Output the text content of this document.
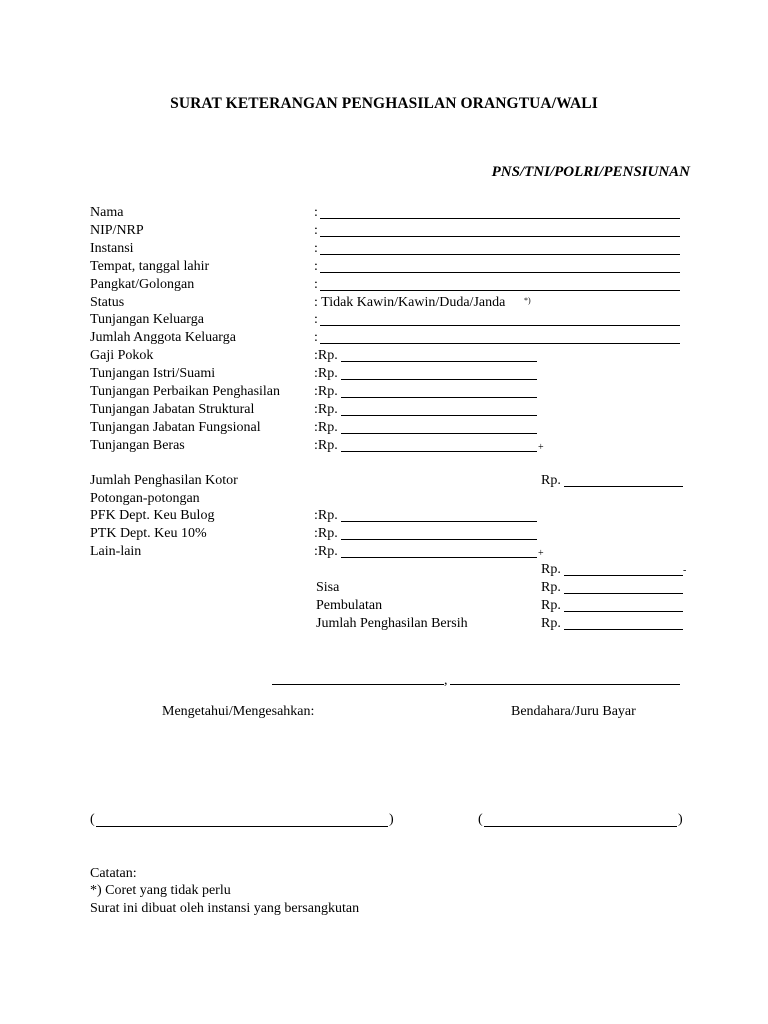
SURAT KETERANGAN PENGHASILAN ORANGTUA/WALI
PNS/TNI/POLRI/PENSIUNAN
Nama	:
NIP/NRP	:
Instansi	:
Tempat, tanggal lahir	:
Pangkat/Golongan	:
Status	: Tidak Kawin/Kawin/Duda/Janda $_{*)}$
Tunjangan Keluarga	:
Jumlah Anggota Keluarga	:
Gaji Pokok	:Rp.
Tunjangan Istri/Suami	:Rp.
Tunjangan Perbaikan Penghasilan :Rp.
Tunjangan Jabatan Struktural	:Rp.
Tunjangan Jabatan Fungsional	:Rp.
Tunjangan Beras	:Rp.	+
Jumlah Penghasilan Kotor	Rp.
Potongan-potongan
PFK Dept. Keu Bulog	:Rp.
PTK Dept. Keu 10%	:Rp.
Lain-lain	:Rp.	+
Rp.	-
Sisa	Rp.
Pembulatan	Rp.
Jumlah Penghasilan Bersih	Rp.
,
Mengetahui/Mengesahkan:	Bendahara/Juru Bayar
(	)	(	)
Catatan:
*) Coret yang tidak perlu
Surat ini dibuat oleh instansi yang bersangkutan
